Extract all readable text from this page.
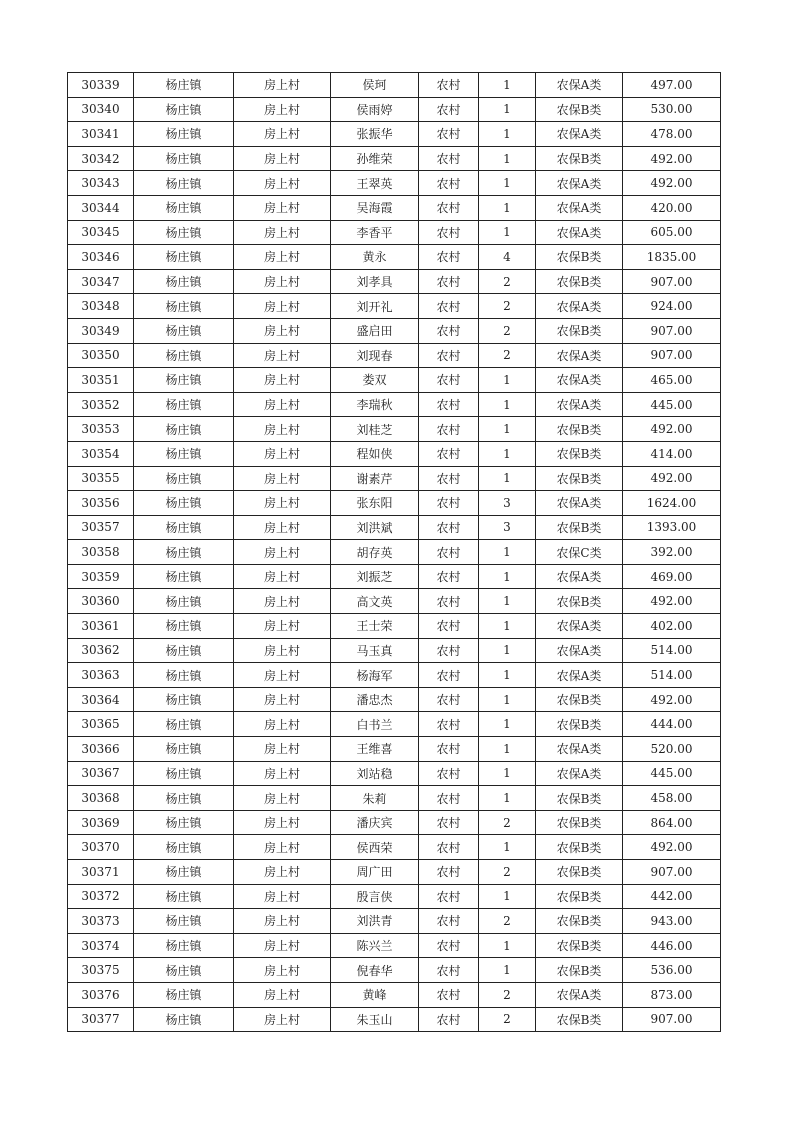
30339	杨庄镇	房上村	侯珂	农村	1	农保A类	497.00
30340	杨庄镇	房上村	侯雨婷	农村	1	农保B类	530.00
30341	杨庄镇	房上村	张振华	农村	1	农保A类	478.00
30342	杨庄镇	房上村	孙维荣	农村	1	农保B类	492.00
30343	杨庄镇	房上村	王翠英	农村	1	农保A类	492.00
30344	杨庄镇	房上村	吴海霞	农村	1	农保A类	420.00
30345	杨庄镇	房上村	李香平	农村	1	农保A类	605.00
30346	杨庄镇	房上村	黄永	农村	4	农保B类	1835.00
30347	杨庄镇	房上村	刘孝具	农村	2	农保B类	907.00
30348	杨庄镇	房上村	刘开礼	农村	2	农保A类	924.00
30349	杨庄镇	房上村	盛启田	农村	2	农保B类	907.00
30350	杨庄镇	房上村	刘现春	农村	2	农保A类	907.00
30351	杨庄镇	房上村	娄双	农村	1	农保A类	465.00
30352	杨庄镇	房上村	李瑞秋	农村	1	农保A类	445.00
30353	杨庄镇	房上村	刘桂芝	农村	1	农保B类	492.00
30354	杨庄镇	房上村	程如侠	农村	1	农保B类	414.00
30355	杨庄镇	房上村	谢素芹	农村	1	农保B类	492.00
30356	杨庄镇	房上村	张东阳	农村	3	农保A类	1624.00
30357	杨庄镇	房上村	刘洪斌	农村	3	农保B类	1393.00
30358	杨庄镇	房上村	胡存英	农村	1	农保C类	392.00
30359	杨庄镇	房上村	刘振芝	农村	1	农保A类	469.00
30360	杨庄镇	房上村	高文英	农村	1	农保B类	492.00
30361	杨庄镇	房上村	王士荣	农村	1	农保A类	402.00
30362	杨庄镇	房上村	马玉真	农村	1	农保A类	514.00
30363	杨庄镇	房上村	杨海军	农村	1	农保A类	514.00
30364	杨庄镇	房上村	潘忠杰	农村	1	农保B类	492.00
30365	杨庄镇	房上村	白书兰	农村	1	农保B类	444.00
30366	杨庄镇	房上村	王维喜	农村	1	农保A类	520.00
30367	杨庄镇	房上村	刘站稳	农村	1	农保A类	445.00
30368	杨庄镇	房上村	朱莉	农村	1	农保B类	458.00
30369	杨庄镇	房上村	潘庆宾	农村	2	农保B类	864.00
30370	杨庄镇	房上村	侯西荣	农村	1	农保B类	492.00
30371	杨庄镇	房上村	周广田	农村	2	农保B类	907.00
30372	杨庄镇	房上村	殷言侠	农村	1	农保B类	442.00
30373	杨庄镇	房上村	刘洪青	农村	2	农保B类	943.00
30374	杨庄镇	房上村	陈兴兰	农村	1	农保B类	446.00
30375	杨庄镇	房上村	倪春华	农村	1	农保B类	536.00
30376	杨庄镇	房上村	黄峰	农村	2	农保A类	873.00
30377	杨庄镇	房上村	朱玉山	农村	2	农保B类	907.00
